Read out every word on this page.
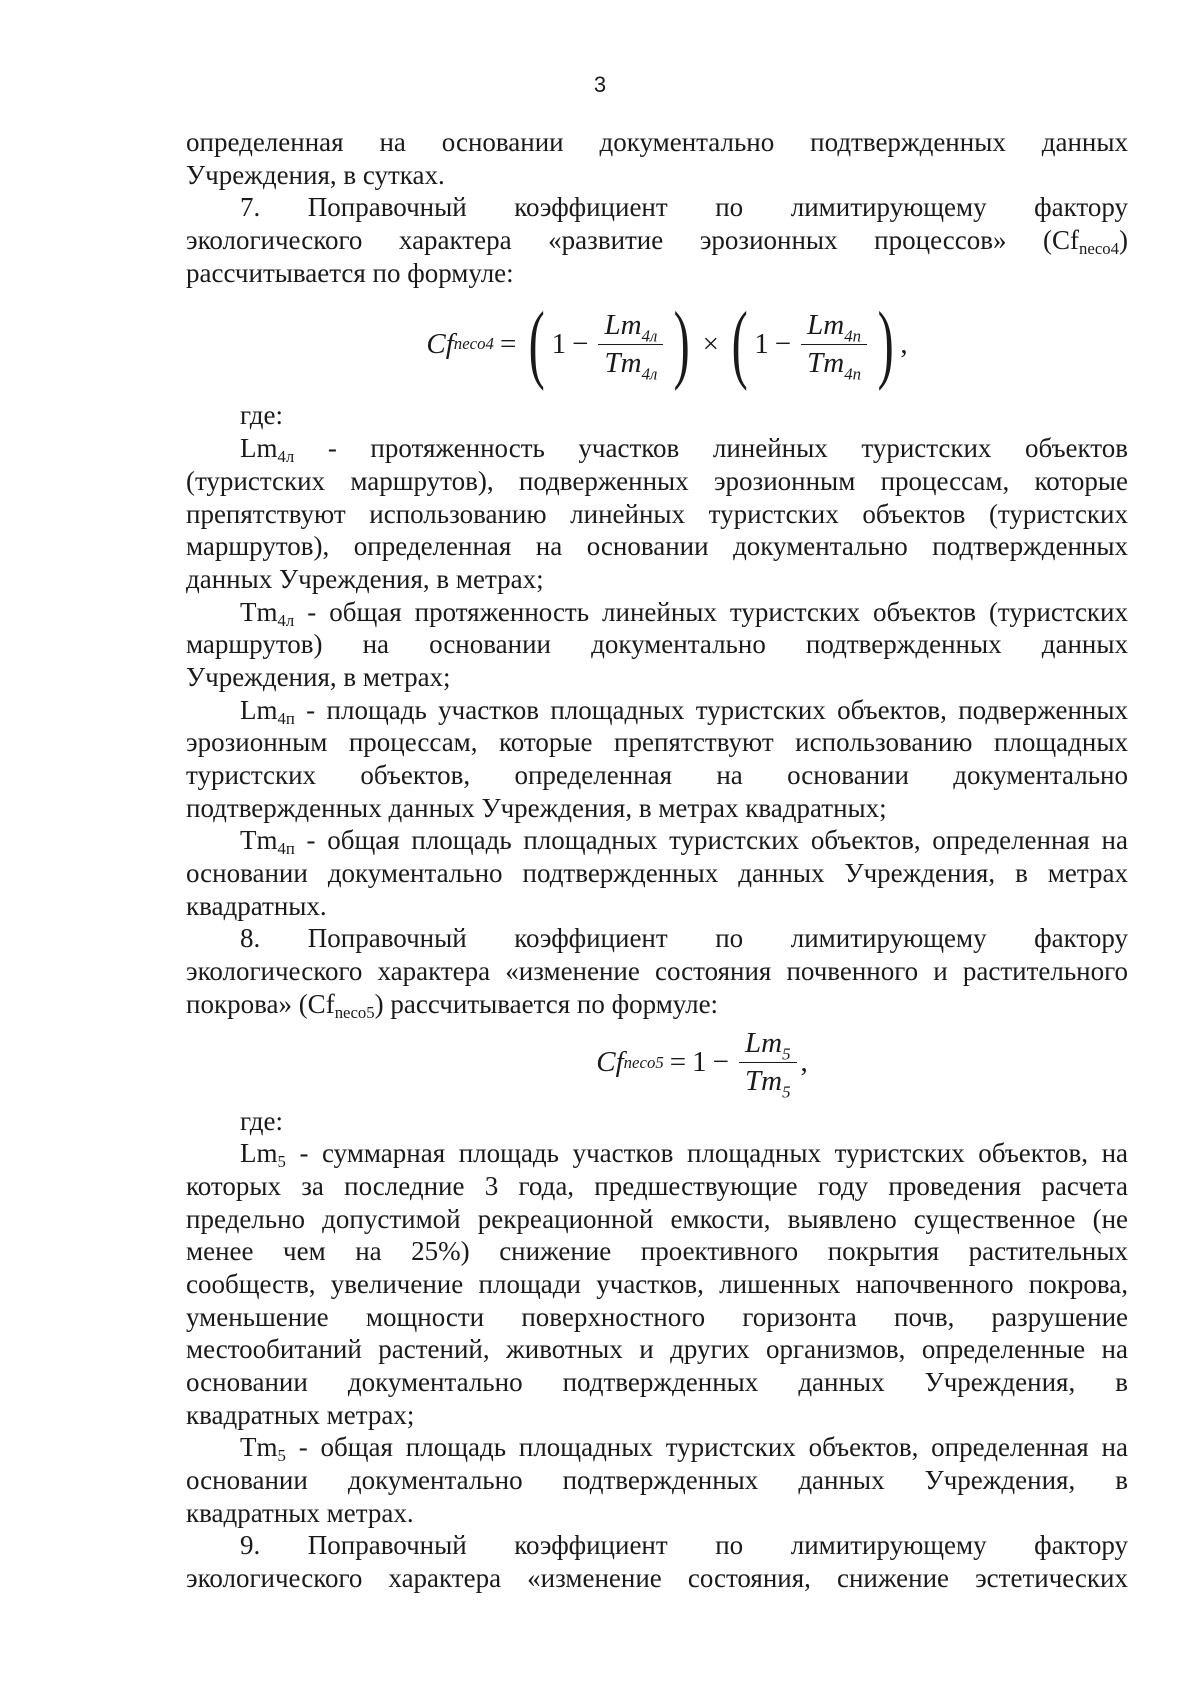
3
определенная на основании документально подтвержденных данных
Учреждения, в сутках.
7. Поправочный коэффициент по лимитирующему фактору
экологического характера «развитие эрозионных процессов» $(Cf_{neco4})$
рассчитывается по формуле:
Cf neco4 = ( $1 - \frac{Lm_{4л}}{Tm_{4л}}$ ) × ( $1 - \frac{Lm_{4п}}{Tm_{4п}}$ ) ,
где:
$Lm_{4л}$ - протяженность участков линейных туристских объектов
(туристских маршрутов), подверженных эрозионным процессам, которые
препятствуют использованию линейных туристских объектов (туристских
маршрутов), определенная на основании документально подтвержденных
данных Учреждения, в метрах;
$Tm_{4л}$ - общая протяженность линейных туристских объектов (туристских
маршрутов) на основании документально подтвержденных данных
Учреждения, в метрах;
$Lm_{4п}$ - площадь участков площадных туристских объектов, подверженных
эрозионным процессам, которые препятствуют использованию площадных
туристских объектов, определенная на основании документально
подтвержденных данных Учреждения, в метрах квадратных;
$Tm_{4п}$ - общая площадь площадных туристских объектов, определенная на
основании документально подтвержденных данных Учреждения, в метрах
квадратных.
8. Поправочный коэффициент по лимитирующему фактору
экологического характера «изменение состояния почвенного и растительного
покрова» $(Cf_{neco5})$ рассчитывается по формуле:
Cf neco5 = $1 - \frac{Lm_5}{Tm_5}$ ,
где:
$Lm_5$ - суммарная площадь участков площадных туристских объектов, на
которых за последние 3 года, предшествующие году проведения расчета
предельно допустимой рекреационной емкости, выявлено существенное (не
менее чем на 25%) снижение проективного покрытия растительных
сообществ, увеличение площади участков, лишенных напочвенного покрова,
уменьшение мощности поверхностного горизонта почв, разрушение
местообитаний растений, животных и других организмов, определенные на
основании документально подтвержденных данных Учреждения, в
квадратных метрах;
$Tm_5$ - общая площадь площадных туристских объектов, определенная на
основании документально подтвержденных данных Учреждения, в
квадратных метрах.
9. Поправочный коэффициент по лимитирующему фактору
экологического характера «изменение состояния, снижение эстетических
